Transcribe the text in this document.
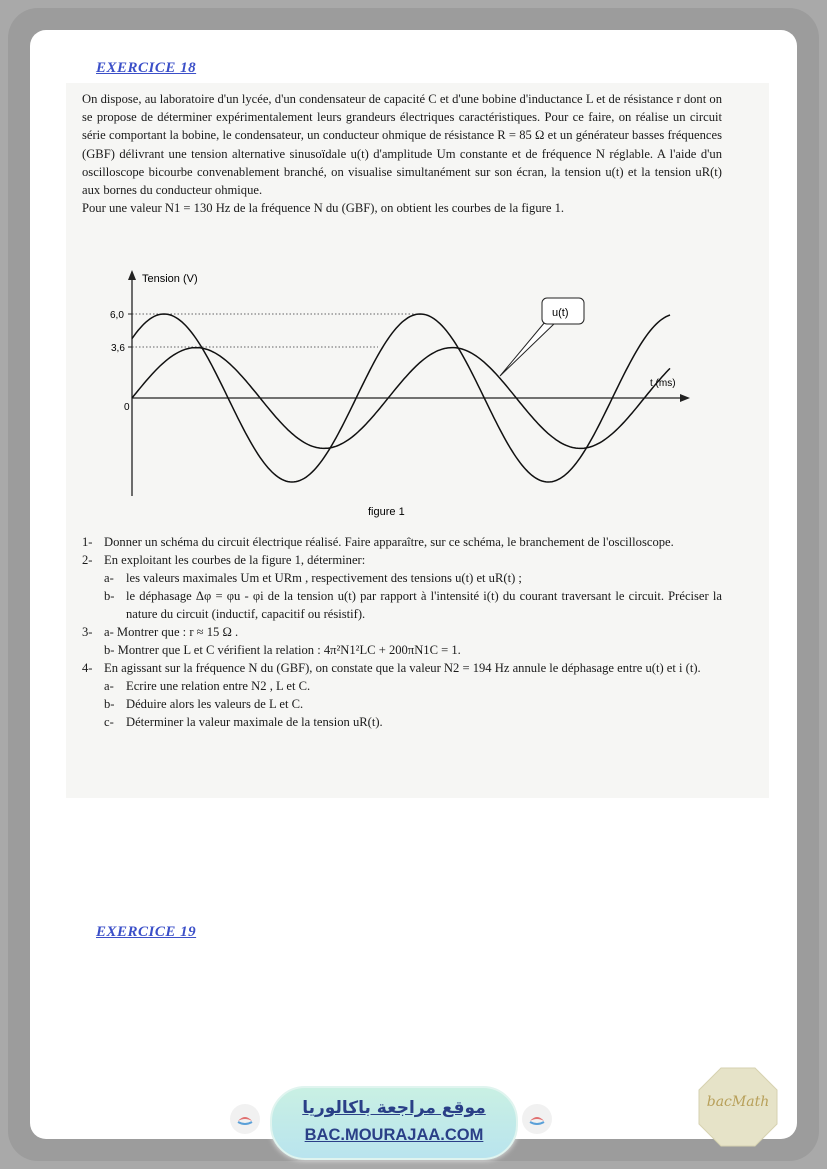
EXERCICE 18

On dispose, au laboratoire d'un lycée, d'un condensateur de capacité C et d'une bobine d'inductance L et de résistance r dont on se propose de déterminer expérimentalement leurs grandeurs électriques caractéristiques. Pour ce faire, on réalise un circuit série comportant la bobine, le condensateur, un conducteur ohmique de résistance R = 85 Ω et un générateur basses fréquences (GBF) délivrant une tension alternative sinusoïdale u(t) d'amplitude Um constante et de fréquence N réglable. A l'aide d'un oscilloscope bicourbe convenablement branché, on visualise simultanément sur son écran, la tension u(t) et la tension uR(t) aux bornes du conducteur ohmique.

Pour une valeur N1 = 130 Hz de la fréquence N du (GBF), on obtient les courbes de la figure 1.

Tension (V)
6,0
3,6
0
t (ms)
u(t)
figure 1
1- Donner un schéma du circuit électrique réalisé. Faire apparaître, sur ce schéma, le branchement de l'oscilloscope.
2- En exploitant les courbes de la figure 1, déterminer:
a- les valeurs maximales Um et URm , respectivement des tensions u(t) et uR(t) ;
b- le déphasage Δφ = φu - φi de la tension u(t) par rapport à l'intensité i(t) du courant traversant le circuit. Préciser la nature du circuit (inductif, capacitif ou résistif).
3- a- Montrer que : r ≈ 15 Ω .
b- Montrer que L et C vérifient la relation : 4π²N1²LC + 200πN1C = 1.
4- En agissant sur la fréquence N du (GBF), on constate que la valeur N2 = 194 Hz annule le déphasage entre u(t) et i (t).
a- Ecrire une relation entre N2 , L et C.
b- Déduire alors les valeurs de L et C.
c- Déterminer la valeur maximale de la tension uR(t).
EXERCICE 19
موقع مراجعة باكالوريا
BAC.MOURAJAA.COM
bacMath
